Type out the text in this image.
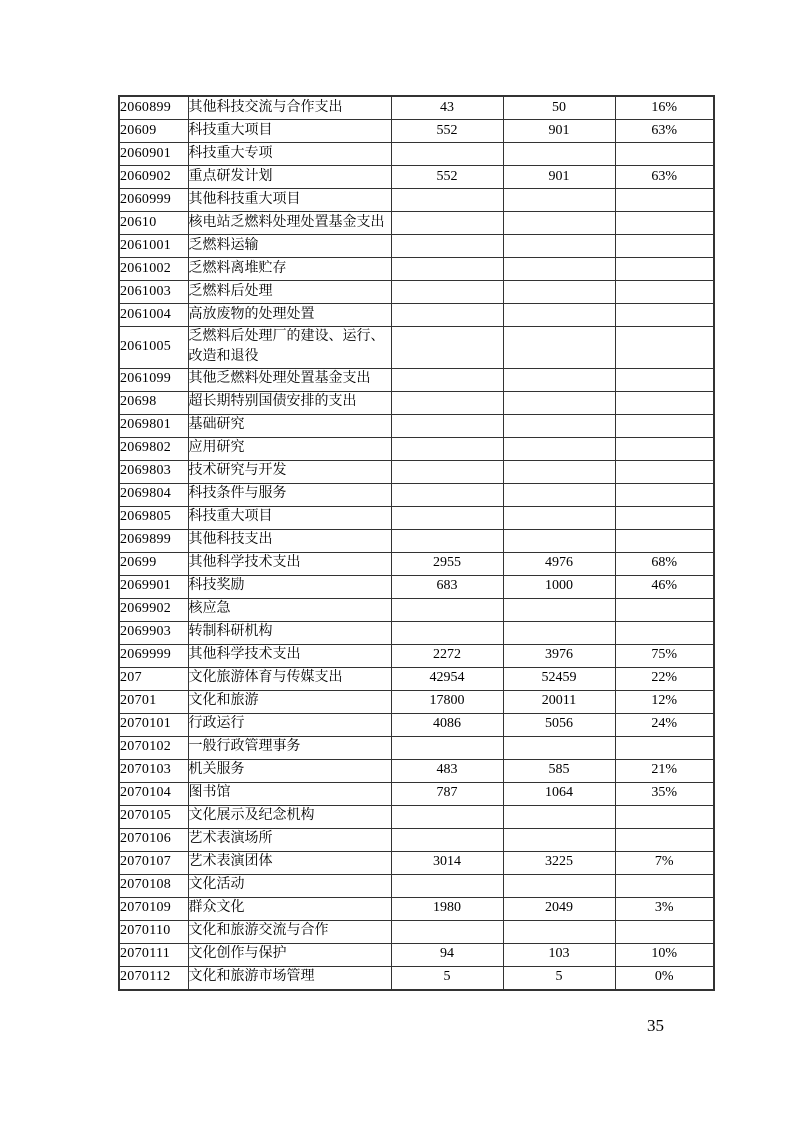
2060899	其他科技交流与合作支出	43	50	16%
20609	科技重大项目	552	901	63%
2060901	科技重大专项			
2060902	重点研发计划	552	901	63%
2060999	其他科技重大项目			
20610	核电站乏燃料处理处置基金支出			
2061001	乏燃料运输			
2061002	乏燃料离堆贮存			
2061003	乏燃料后处理			
2061004	高放废物的处理处置			
2061005	乏燃料后处理厂的建设、运行、改造和退役			
2061099	其他乏燃料处理处置基金支出			
20698	超长期特别国债安排的支出			
2069801	基础研究			
2069802	应用研究			
2069803	技术研究与开发			
2069804	科技条件与服务			
2069805	科技重大项目			
2069899	其他科技支出			
20699	其他科学技术支出	2955	4976	68%
2069901	科技奖励	683	1000	46%
2069902	核应急			
2069903	转制科研机构			
2069999	其他科学技术支出	2272	3976	75%
207	文化旅游体育与传媒支出	42954	52459	22%
20701	文化和旅游	17800	20011	12%
2070101	行政运行	4086	5056	24%
2070102	一般行政管理事务			
2070103	机关服务	483	585	21%
2070104	图书馆	787	1064	35%
2070105	文化展示及纪念机构			
2070106	艺术表演场所			
2070107	艺术表演团体	3014	3225	7%
2070108	文化活动			
2070109	群众文化	1980	2049	3%
2070110	文化和旅游交流与合作			
2070111	文化创作与保护	94	103	10%
2070112	文化和旅游市场管理	5	5	0%
35
